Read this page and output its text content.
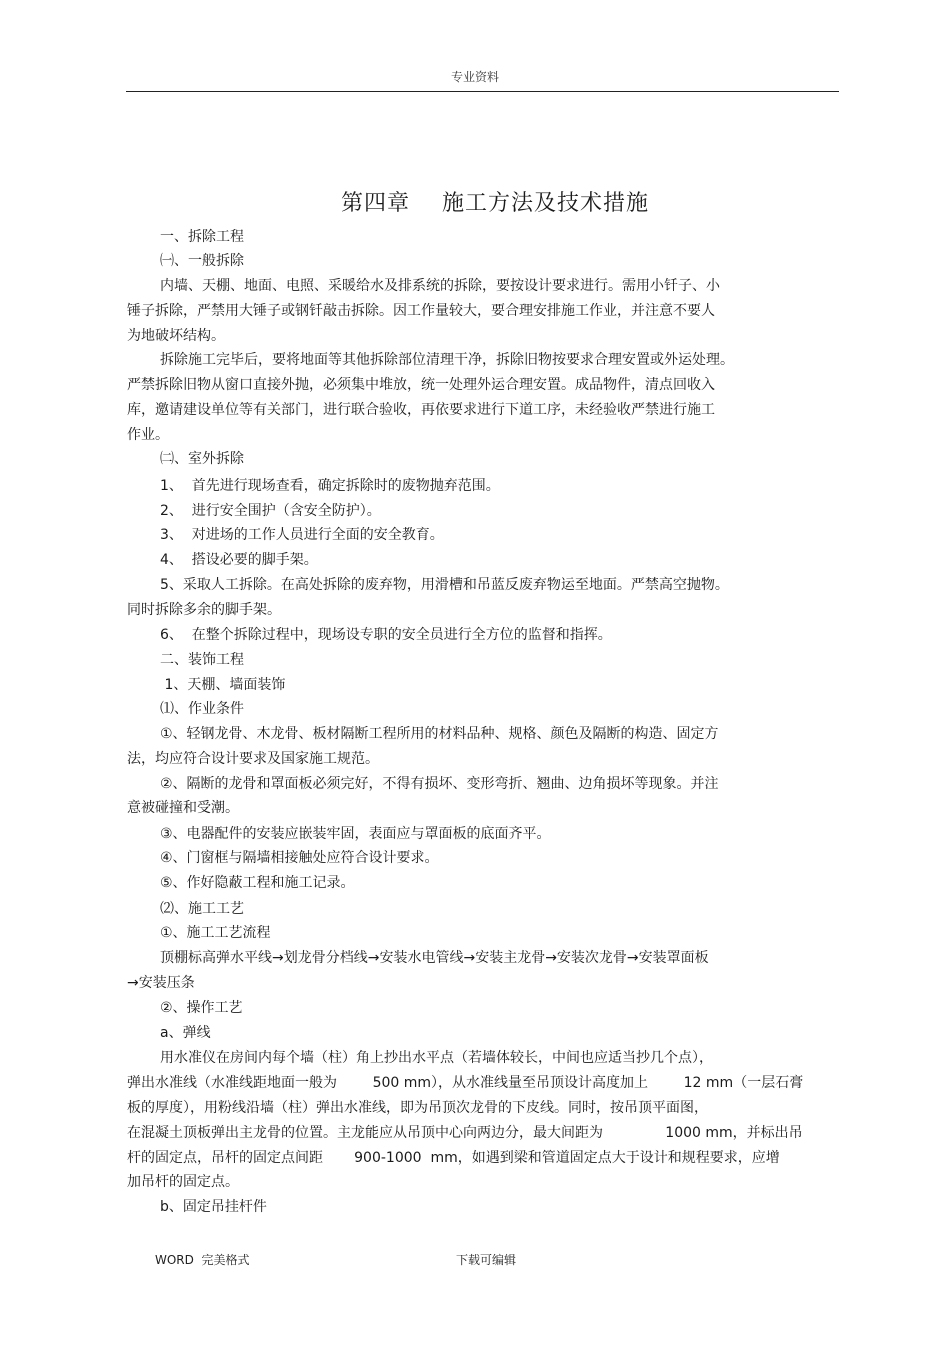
专业资料
第四章    施工方法及技术措施
一、拆除工程
㈠、一般拆除
内墙、天棚、地面、电照、采暖给水及排系统的拆除，要按设计要求进行。需用小钎子、小
锤子拆除，严禁用大锤子或钢钎敲击拆除。因工作量较大，要合理安排施工作业，并注意不要人
为地破坏结构。
拆除施工完毕后，要将地面等其他拆除部位清理干净，拆除旧物按要求合理安置或外运处理。
严禁拆除旧物从窗口直接外抛，必须集中堆放，统一处理外运合理安置。成品物件，清点回收入
库，邀请建设单位等有关部门，进行联合验收，再依要求进行下道工序，未经验收严禁进行施工
作业。
㈡、室外拆除
1、  首先进行现场查看，确定拆除时的废物抛弃范围。
2、  进行安全围护（含安全防护）。
3、  对进场的工作人员进行全面的安全教育。
4、  搭设必要的脚手架。
5、采取人工拆除。在高处拆除的废弃物，用滑槽和吊蓝反废弃物运至地面。严禁高空抛物。
同时拆除多余的脚手架。
6、  在整个拆除过程中，现场设专职的安全员进行全方位的监督和指挥。
二、装饰工程
1、天棚、墙面装饰
⑴、作业条件
①、轻钢龙骨、木龙骨、板材隔断工程所用的材料品种、规格、颜色及隔断的构造、固定方
法，均应符合设计要求及国家施工规范。
②、隔断的龙骨和罩面板必须完好，不得有损坏、变形弯折、翘曲、边角损坏等现象。并注
意被碰撞和受潮。
③、电器配件的安装应嵌装牢固，表面应与罩面板的底面齐平。
④、门窗框与隔墙相接触处应符合设计要求。
⑤、作好隐蔽工程和施工记录。
⑵、施工工艺
①、施工工艺流程
顶棚标高弹水平线→划龙骨分档线→安装水电管线→安装主龙骨→安装次龙骨→安装罩面板
→安装压条
②、操作工艺
a、弹线
用水准仪在房间内每个墙（柱）角上抄出水平点（若墙体较长，中间也应适当抄几个点），
弹出水准线（水准线距地面一般为        500 mm），从水准线量至吊顶设计高度加上        12 mm（一层石膏
板的厚度），用粉线沿墙（柱）弹出水准线，即为吊顶次龙骨的下皮线。同时，按吊顶平面图，
在混凝土顶板弹出主龙骨的位置。主龙能应从吊顶中心向两边分，最大间距为              1000 mm，并标出吊
杆的固定点，吊杆的固定点间距       900-1000  mm，如遇到梁和管道固定点大于设计和规程要求，应增
加吊杆的固定点。
b、固定吊挂杆件
WORD  完美格式	下载可编辑
